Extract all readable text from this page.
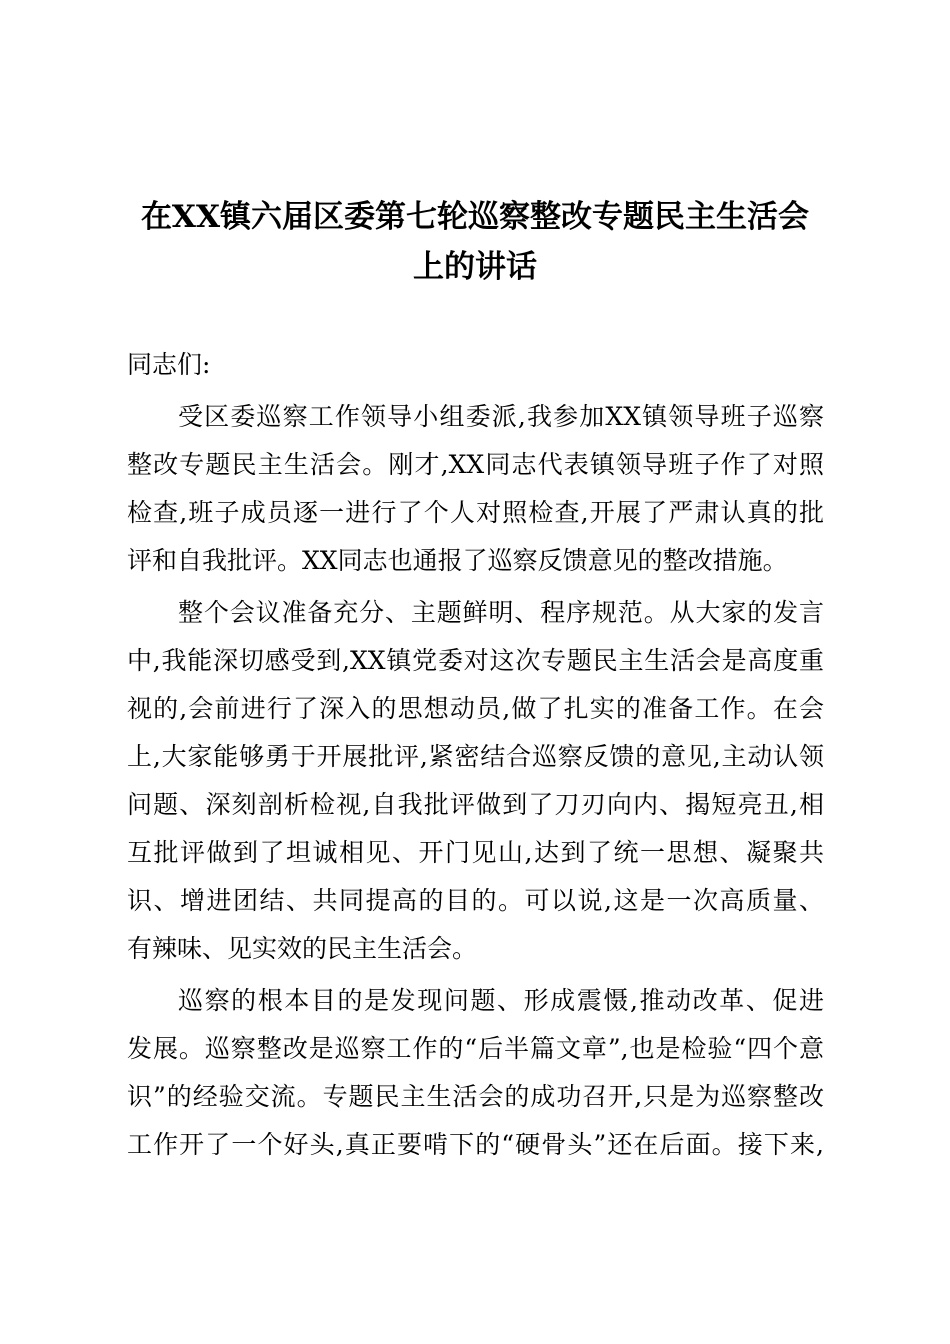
在XX镇六届区委第七轮巡察整改专题民主生活会
上的讲话
同志们:
受区委巡察工作领导小组委派,我参加XX镇领导班子巡察
整改专题民主生活会。刚才,XX同志代表镇领导班子作了对照
检查,班子成员逐一进行了个人对照检查,开展了严肃认真的批
评和自我批评。XX同志也通报了巡察反馈意见的整改措施。
整个会议准备充分、主题鲜明、程序规范。从大家的发言
中,我能深切感受到,XX镇党委对这次专题民主生活会是高度重
视的,会前进行了深入的思想动员,做了扎实的准备工作。在会
上,大家能够勇于开展批评,紧密结合巡察反馈的意见,主动认领
问题、深刻剖析检视,自我批评做到了刀刃向内、揭短亮丑,相
互批评做到了坦诚相见、开门见山,达到了统一思想、凝聚共
识、增进团结、共同提高的目的。可以说,这是一次高质量、
有辣味、见实效的民主生活会。
巡察的根本目的是发现问题、形成震慑,推动改革、促进
发展。巡察整改是巡察工作的“后半篇文章”,也是检验“四个意
识”的经验交流。专题民主生活会的成功召开,只是为巡察整改
工作开了一个好头,真正要啃下的“硬骨头”还在后面。接下来,
